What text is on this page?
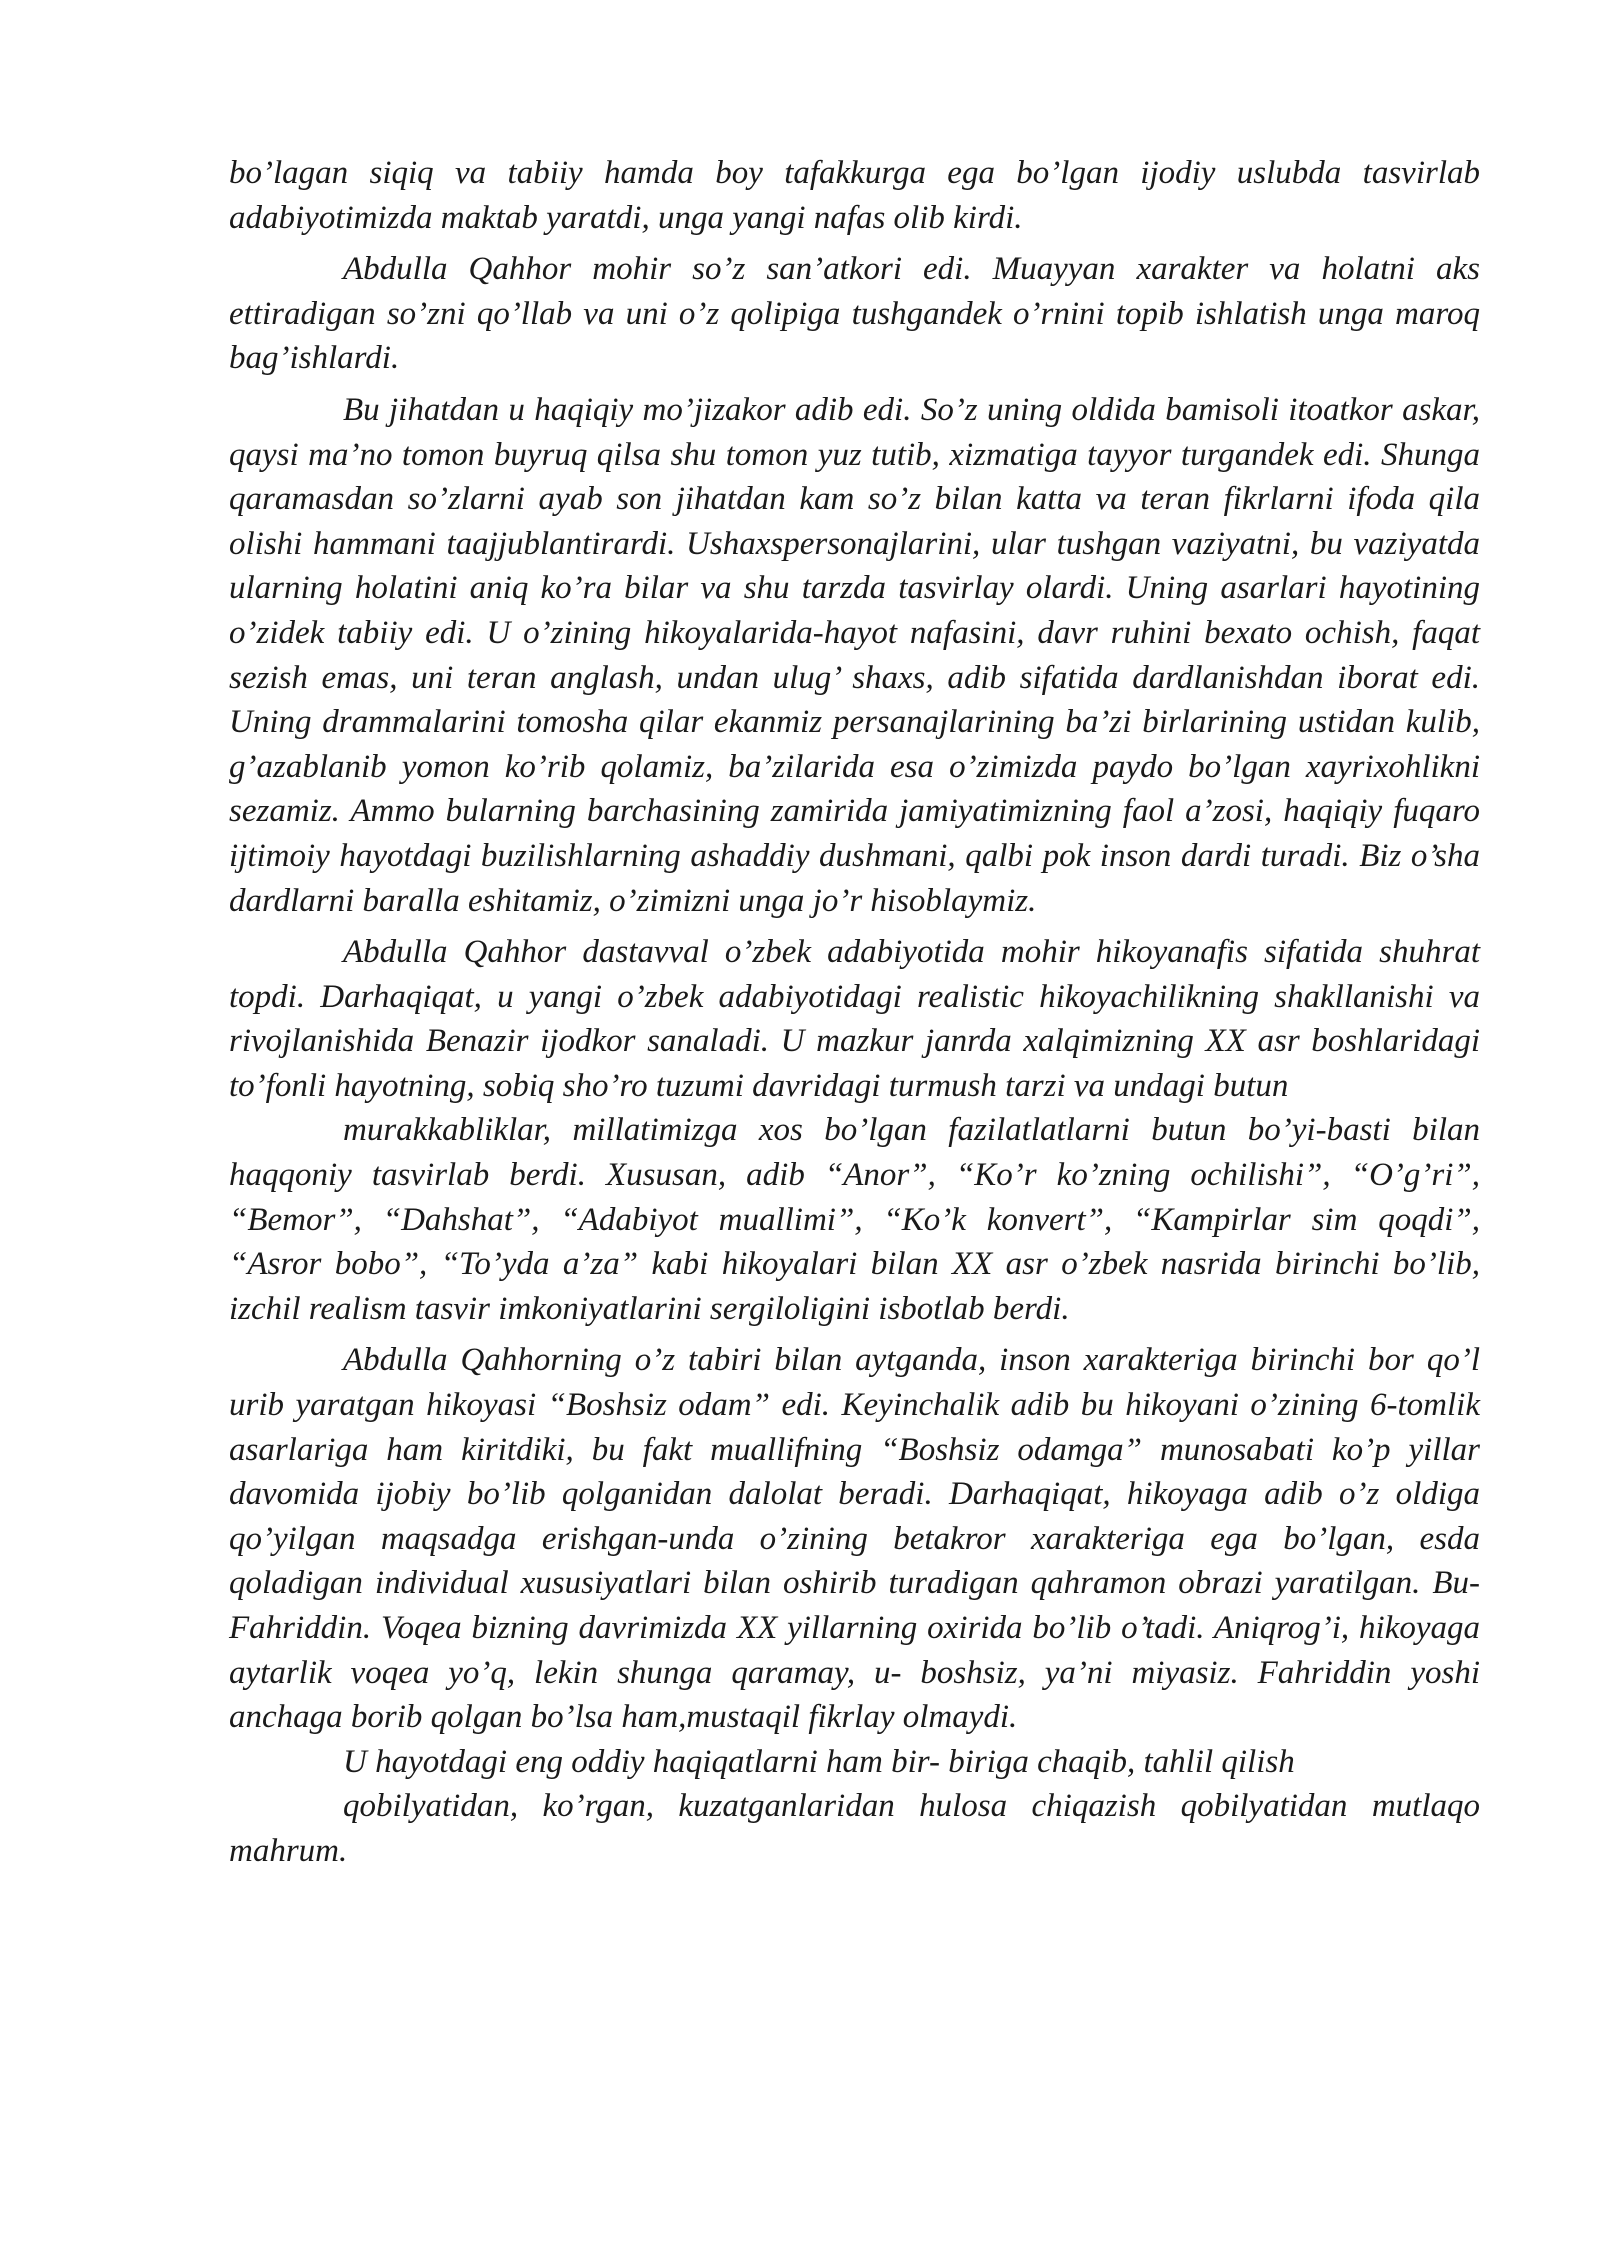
bo’lagan siqiq va tabiiy hamda boy tafakkurga ega bo’lgan ijodiy uslubda tasvirlab adabiyotimizda maktab yaratdi, unga yangi nafas olib kirdi.

Abdulla Qahhor mohir so’z san’atkori edi. Muayyan xarakter va holatni aks ettiradigan so’zni qo’llab va uni o’z qolipiga tushgandek o’rnini topib ishlatish unga maroq bag’ishlardi.

Bu jihatdan u haqiqiy mo’jizakor adib edi. So’z uning oldida bamisoli itoatkor askar, qaysi ma’no tomon buyruq qilsa shu tomon yuz tutib, xizmatiga tayyor turgandek edi. Shunga qaramasdan so’zlarni ayab son jihatdan kam so’z bilan katta va teran fikrlarni ifoda qila olishi hammani taajjublantirardi. Ushaxspersonajlarini, ular tushgan vaziyatni, bu vaziyatda ularning holatini aniq ko’ra bilar va shu tarzda tasvirlay olardi. Uning asarlari hayotining o’zidek tabiiy edi. U o’zining hikoyalarida-hayot nafasini, davr ruhini bexato ochish, faqat sezish emas, uni teran anglash, undan ulug’ shaxs, adib sifatida dardlanishdan iborat edi. Uning drammalarini tomosha qilar ekanmiz persanajlarining ba’zi birlarining ustidan kulib, g’azablanib yomon ko’rib qolamiz, ba’zilarida esa o’zimizda paydo bo’lgan xayrixohlikni sezamiz. Ammo bularning barchasining zamirida jamiyatimizning faol a’zosi, haqiqiy fuqaro ijtimoiy hayotdagi buzilishlarning ashaddiy dushmani, qalbi pok inson dardi turadi. Biz o’sha dardlarni baralla eshitamiz, o’zimizni unga jo’r hisoblaymiz.

Abdulla Qahhor dastavval o’zbek adabiyotida mohir hikoyanafis sifatida shuhrat topdi. Darhaqiqat, u yangi o’zbek adabiyotidagi realistic hikoyachilikning shakllanishi va rivojlanishida Benazir ijodkor sanaladi. U mazkur janrda xalqimizning XX asr boshlaridagi to’fonli hayotning, sobiq sho’ro tuzumi davridagi turmush tarzi va undagi butun

murakkabliklar, millatimizga xos bo’lgan fazilatlatlarni butun bo’yi-basti bilan haqqoniy tasvirlab berdi. Xususan, adib “Anor”, “Ko’r ko’zning ochilishi”, “O’g’ri”, “Bemor”, “Dahshat”, “Adabiyot muallimi”, “Ko’k konvert”, “Kampirlar sim qoqdi”, “Asror bobo”, “To’yda a’za” kabi hikoyalari bilan XX asr o’zbek nasrida birinchi bo’lib, izchil realism tasvir imkoniyatlarini sergiloligini isbotlab berdi.

Abdulla Qahhorning o’z tabiri bilan aytganda, inson xarakteriga birinchi bor qo’l urib yaratgan hikoyasi “Boshsiz odam” edi. Keyinchalik adib bu hikoyani o’zining 6-tomlik asarlariga ham kiritdiki, bu fakt muallifning “Boshsiz odamga” munosabati ko’p yillar davomida ijobiy bo’lib qolganidan dalolat beradi. Darhaqiqat, hikoyaga adib o’z oldiga qo’yilgan maqsadga erishgan-unda o’zining betakror xarakteriga ega bo’lgan, esda qoladigan individual xususiyatlari bilan oshirib turadigan qahramon obrazi yaratilgan. Bu-Fahriddin. Voqea bizning davrimizda XX yillarning oxirida bo’lib o’tadi. Aniqrog’i, hikoyaga aytarlik voqea yo’q, lekin shunga qaramay, u- boshsiz, ya’ni miyasiz. Fahriddin yoshi anchaga borib qolgan bo’lsa ham,mustaqil fikrlay olmaydi.

U hayotdagi eng oddiy haqiqatlarni ham bir- biriga chaqib, tahlil qilish

qobilyatidan, ko’rgan, kuzatganlaridan hulosa chiqazish qobilyatidan mutlaqo mahrum.
